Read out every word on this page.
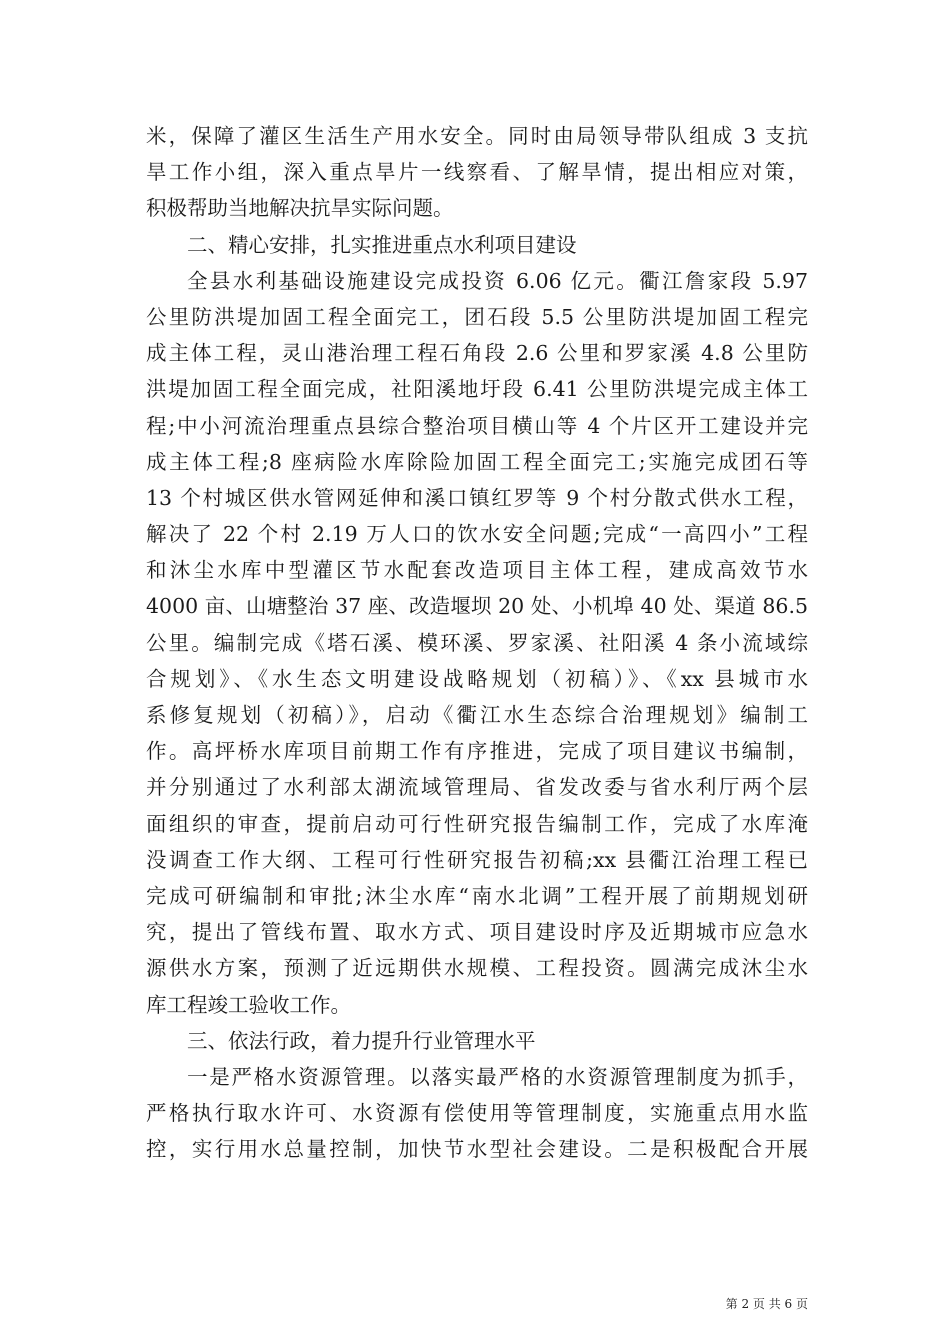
米，保障了灌区生活生产用水安全。同时由局领导带队组成 3 支抗
旱工作小组，深入重点旱片一线察看、了解旱情，提出相应对策，
积极帮助当地解决抗旱实际问题。
二、精心安排，扎实推进重点水利项目建设
全县水利基础设施建设完成投资 6.06 亿元。衢江詹家段 5.97
公里防洪堤加固工程全面完工，团石段 5.5 公里防洪堤加固工程完
成主体工程，灵山港治理工程石角段 2.6 公里和罗家溪 4.8 公里防
洪堤加固工程全面完成，社阳溪地圩段 6.41 公里防洪堤完成主体工
程;中小河流治理重点县综合整治项目横山等 4 个片区开工建设并完
成主体工程;8 座病险水库除险加固工程全面完工;实施完成团石等
13 个村城区供水管网延伸和溪口镇红罗等 9 个村分散式供水工程，
解决了 22 个村 2.19 万人口的饮水安全问题;完成“一高四小”工程
和沐尘水库中型灌区节水配套改造项目主体工程，建成高效节水
4000 亩、山塘整治 37 座、改造堰坝 20 处、小机埠 40 处、渠道 86.5
公里。编制完成《塔石溪、模环溪、罗家溪、社阳溪 4 条小流域综
合规划》、《水生态文明建设战略规划（初稿）》、《xx 县城市水
系修复规划（初稿）》，启动《衢江水生态综合治理规划》编制工
作。高坪桥水库项目前期工作有序推进，完成了项目建议书编制，
并分别通过了水利部太湖流域管理局、省发改委与省水利厅两个层
面组织的审查，提前启动可行性研究报告编制工作，完成了水库淹
没调查工作大纲、工程可行性研究报告初稿;xx 县衢江治理工程已
完成可研编制和审批;沐尘水库“南水北调”工程开展了前期规划研
究，提出了管线布置、取水方式、项目建设时序及近期城市应急水
源供水方案，预测了近远期供水规模、工程投资。圆满完成沐尘水
库工程竣工验收工作。
三、依法行政，着力提升行业管理水平
一是严格水资源管理。以落实最严格的水资源管理制度为抓手，
严格执行取水许可、水资源有偿使用等管理制度，实施重点用水监
控，实行用水总量控制，加快节水型社会建设。二是积极配合开展
第 2 页 共 6 页
